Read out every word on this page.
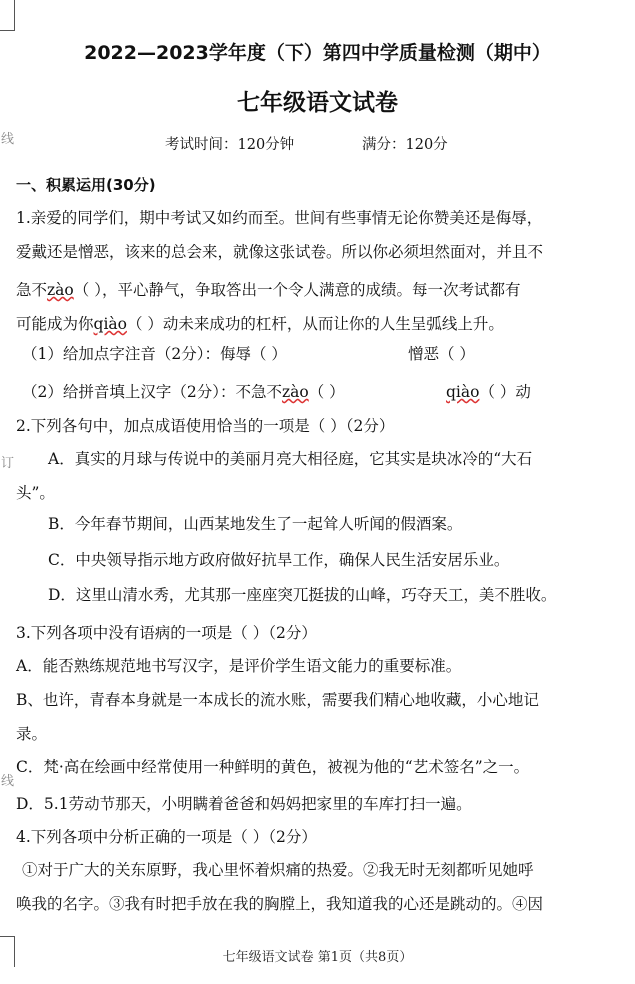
线
订
线
2022—2023学年度（下）第四中学质量检测（期中）
七年级语文试卷
考试时间：120分钟	满分：120分
一、积累运用(30分)
1.亲爱的同学们，期中考试又如约而至。世间有些事情无论你赞美还是侮辱，
爱戴还是憎恶，该来的总会来，就像这张试卷。所以你必须坦然面对，并且不
急不zào（ ），平心静气，争取答出一个令人满意的成绩。每一次考试都有
可能成为你qiào（ ）动未来成功的杠杆，从而让你的人生呈弧线上升。
（1）给加点字注音（2分）：侮辱（ ）	憎恶（ ）
（2）给拼音填上汉字（2分）：不急不zào（ ）	qiào（ ）动
2.下列各句中，加点成语使用恰当的一项是（ ）（2分）
A．真实的月球与传说中的美丽月亮大相径庭，它其实是块冰冷的“大石
头”。
B．今年春节期间，山西某地发生了一起耸人听闻的假酒案。
C．中央领导指示地方政府做好抗旱工作，确保人民生活安居乐业。
D．这里山清水秀，尤其那一座座突兀挺拔的山峰，巧夺天工，美不胜收。
3.下列各项中没有语病的一项是（ ）（2分）
A．能否熟练规范地书写汉字，是评价学生语文能力的重要标准。
B、也许，青春本身就是一本成长的流水账，需要我们精心地收藏，小心地记
录。
C．梵·高在绘画中经常使用一种鲜明的黄色，被视为他的“艺术签名”之一。
D．5.1劳动节那天，小明瞒着爸爸和妈妈把家里的车库打扫一遍。
4.下列各项中分析正确的一项是（ ）（2分）
①对于广大的关东原野，我心里怀着炽痛的热爱。②我无时无刻都听见她呼
唤我的名字。③我有时把手放在我的胸膛上，我知道我的心还是跳动的。④因
七年级语文试卷 第1页（共8页）
